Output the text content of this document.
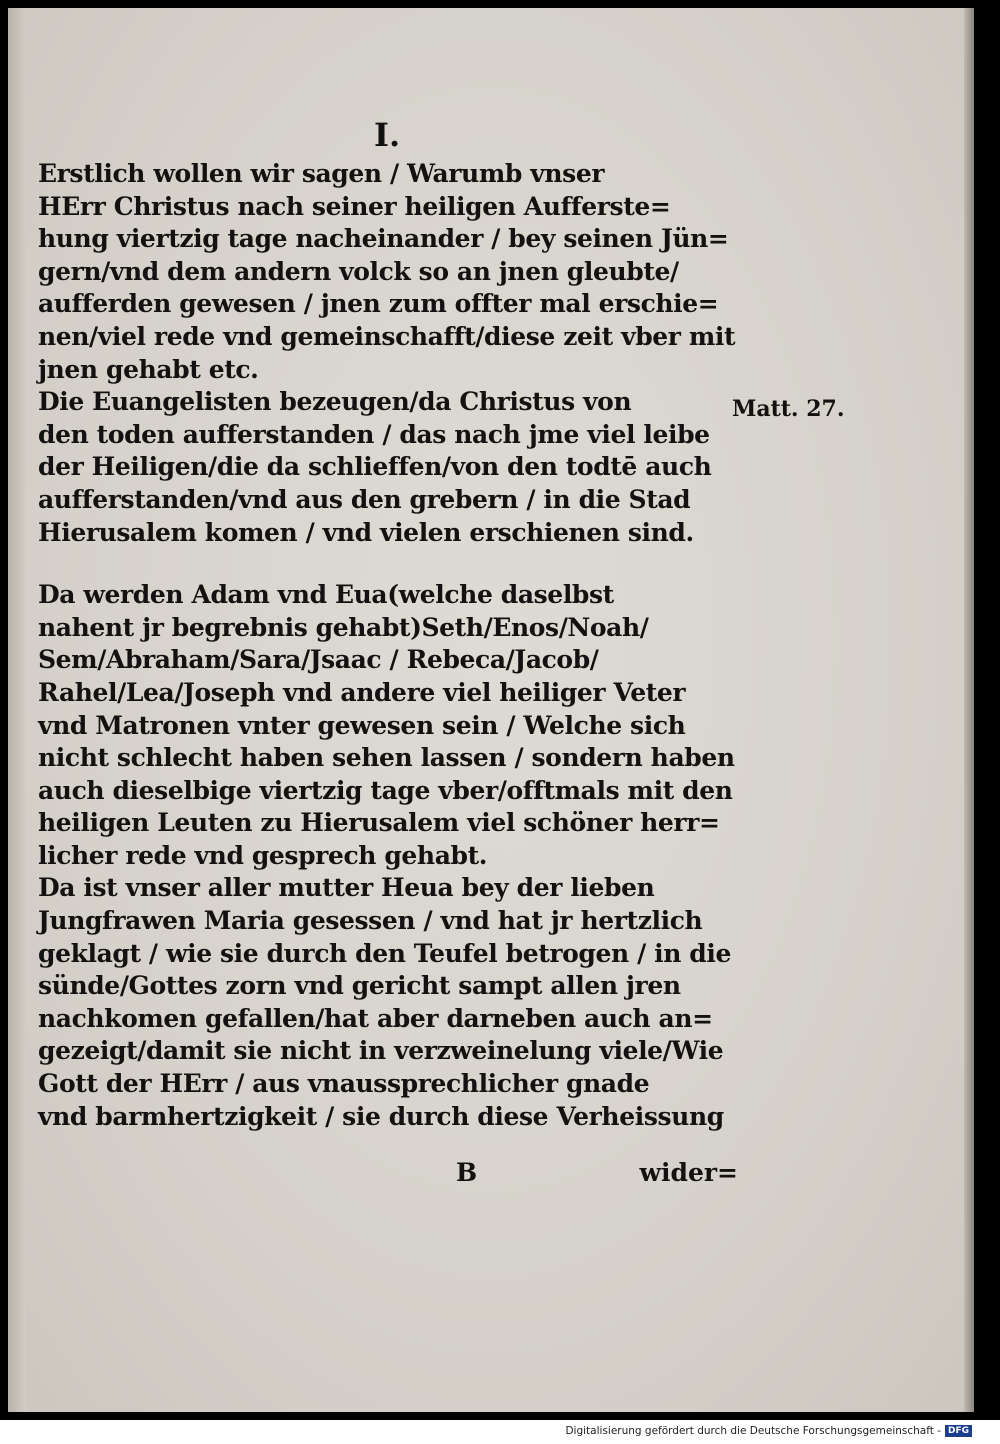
I.
Erstlich wollen wir sagen / Warumb vnser
HErr Christus nach seiner heiligen Aufferste=
hung viertzig tage nacheinander / bey seinen Jün=
gern/vnd dem andern volck so an jnen gleubte/
aufferden gewesen / jnen zum offter mal erschie=
nen/viel rede vnd gemeinschafft/diese zeit vber mit
jnen gehabt etc.
Die Euangelisten bezeugen/da Christus von
den toden aufferstanden / das nach jme viel leibe
der Heiligen/die da schlieffen/von den todtē auch
aufferstanden/vnd aus den grebern / in die Stad
Hierusalem komen / vnd vielen erschienen sind.
Da werden Adam vnd Eua(welche daselbst
nahent jr begrebnis gehabt)Seth/Enos/Noah/
Sem/Abraham/Sara/Jsaac / Rebeca/Jacob/
Rahel/Lea/Joseph vnd andere viel heiliger Veter
vnd Matronen vnter gewesen sein / Welche sich
nicht schlecht haben sehen lassen / sondern haben
auch dieselbige viertzig tage vber/offtmals mit den
heiligen Leuten zu Hierusalem viel schöner herr=
licher rede vnd gesprech gehabt.
Da ist vnser aller mutter Heua bey der lieben
Jungfrawen Maria gesessen / vnd hat jr hertzlich
geklagt / wie sie durch den Teufel betrogen / in die
sünde/Gottes zorn vnd gericht sampt allen jren
nachkomen gefallen/hat aber darneben auch an=
gezeigt/damit sie nicht in verzweinelung viele/Wie
Gott der HErr / aus vnaussprechlicher gnade
vnd barmhertzigkeit / sie durch diese Verheissung
Matt. 27.
B	wider=
Digitalisierung gefördert durch die Deutsche Forschungsgemeinschaft - DFG
